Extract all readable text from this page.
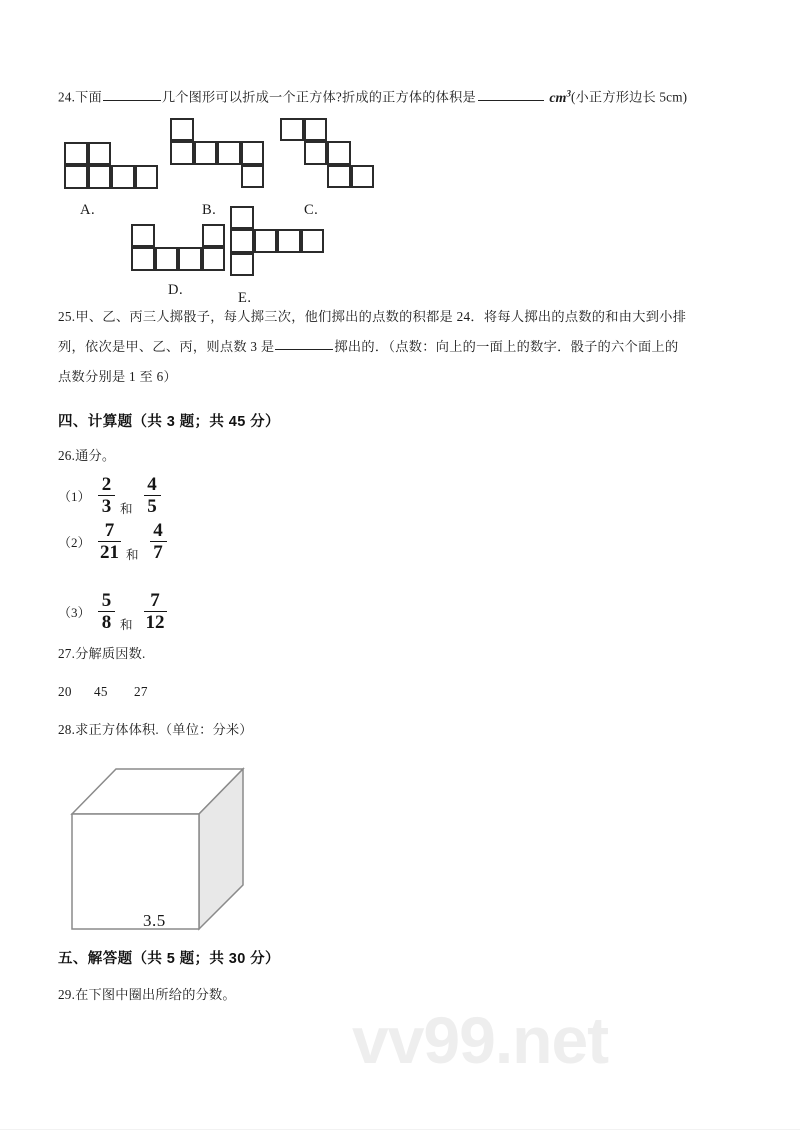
24.下面	几个图形可以折成一个正方体?折成的正方体的体积是	$cm^3$(小正方形边长 5cm)
A.	B.	C.
D.	E.
25.甲、乙、丙三人掷骰子，每人掷三次，他们掷出的点数的积都是 24．将每人掷出的点数的和由大到小排
列，依次是甲、乙、丙，则点数 3 是	掷出的．（点数：向上的一面上的数字．骰子的六个面上的
点数分别是 1 至 6）
四、计算题（共 3 题；共 45 分）
26.通分。
$(1) \frac{2}{3}$ 和 $\frac{4}{5}$
$(2) \frac{7}{21}$ 和 $\frac{4}{7}$
$(3) \frac{5}{8}$ 和 $\frac{7}{12}$
27.分解质因数.
20 45 27
28.求正方体体积.（单位：分米）
3.5
五、解答题（共 5 题；共 30 分）
29.在下图中圈出所给的分数。
vv99.net
